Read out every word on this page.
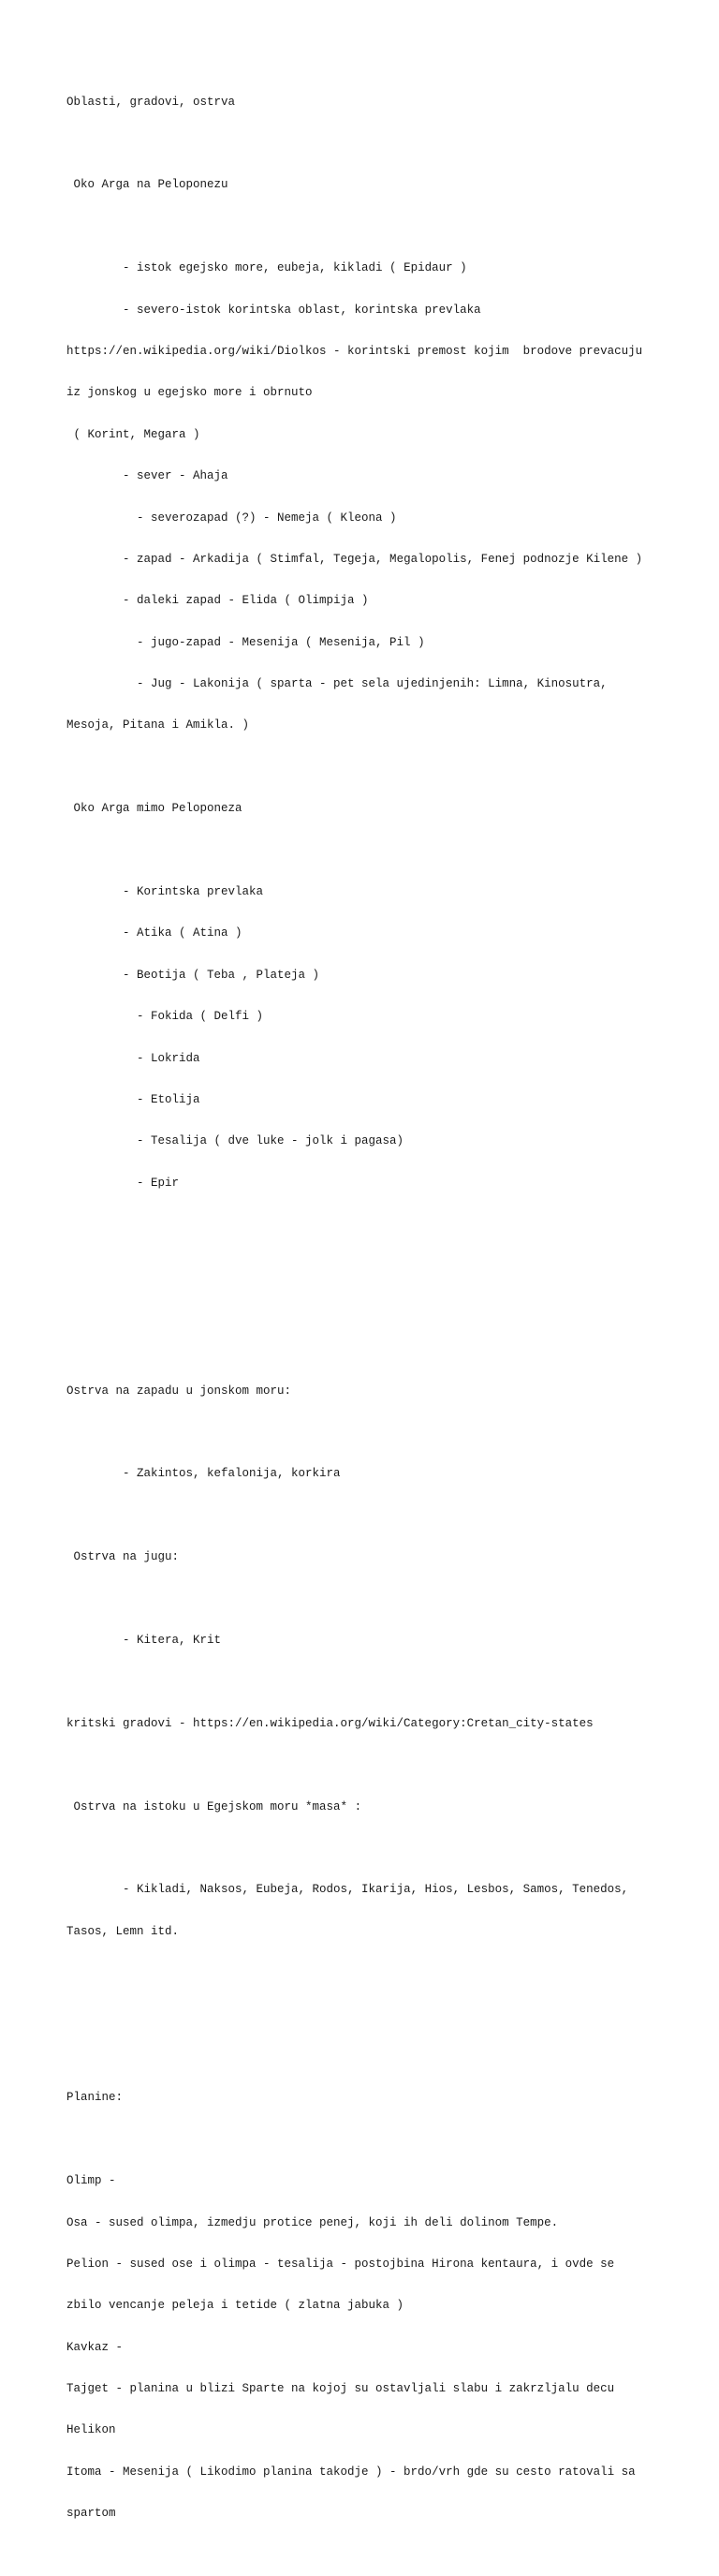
Oblasti, gradovi, ostrva

Oko Arga na Peloponezu

- istok egejsko more, eubeja, kikladi ( Epidaur )

- severo-istok korintska oblast, korintska prevlaka

https://en.wikipedia.org/wiki/Diolkos - korintski premost kojim  brodove prevacuju

iz jonskog u egejsko more i obrnuto

( Korint, Megara )

- sever - Ahaja

- severozapad (?) - Nemeja ( Kleona )

- zapad - Arkadija ( Stimfal, Tegeja, Megalopolis, Fenej podnozje Kilene )

- daleki zapad - Elida ( Olimpija )

- jugo-zapad - Mesenija ( Mesenija, Pil )

- Jug - Lakonija ( sparta - pet sela ujedinjenih: Limna, Kinosutra,

Mesoja, Pitana i Amikla. )

Oko Arga mimo Peloponeza

- Korintska prevlaka

- Atika ( Atina )

- Beotija ( Teba , Plateja )

- Fokida ( Delfi )

- Lokrida

- Etolija

- Tesalija ( dve luke - jolk i pagasa)

- Epir

Ostrva na zapadu u jonskom moru:

- Zakintos, kefalonija, korkira

Ostrva na jugu:

- Kitera, Krit

kritski gradovi - https://en.wikipedia.org/wiki/Category:Cretan_city-states

Ostrva na istoku u Egejskom moru *masa* :

- Kikladi, Naksos, Eubeja, Rodos, Ikarija, Hios, Lesbos, Samos, Tenedos,

Tasos, Lemn itd.

Planine:

Olimp -

Osa - sused olimpa, izmedju protice penej, koji ih deli dolinom Tempe.

Pelion - sused ose i olimpa - tesalija - postojbina Hirona kentaura, i ovde se

zbilo vencanje peleja i tetide ( zlatna jabuka )

Kavkaz -

Tajget - planina u blizi Sparte na kojoj su ostavljali slabu i zakrzljalu decu

Helikon

Itoma - Mesenija ( Likodimo planina takodje ) - brdo/vrh gde su cesto ratovali sa

spartom
